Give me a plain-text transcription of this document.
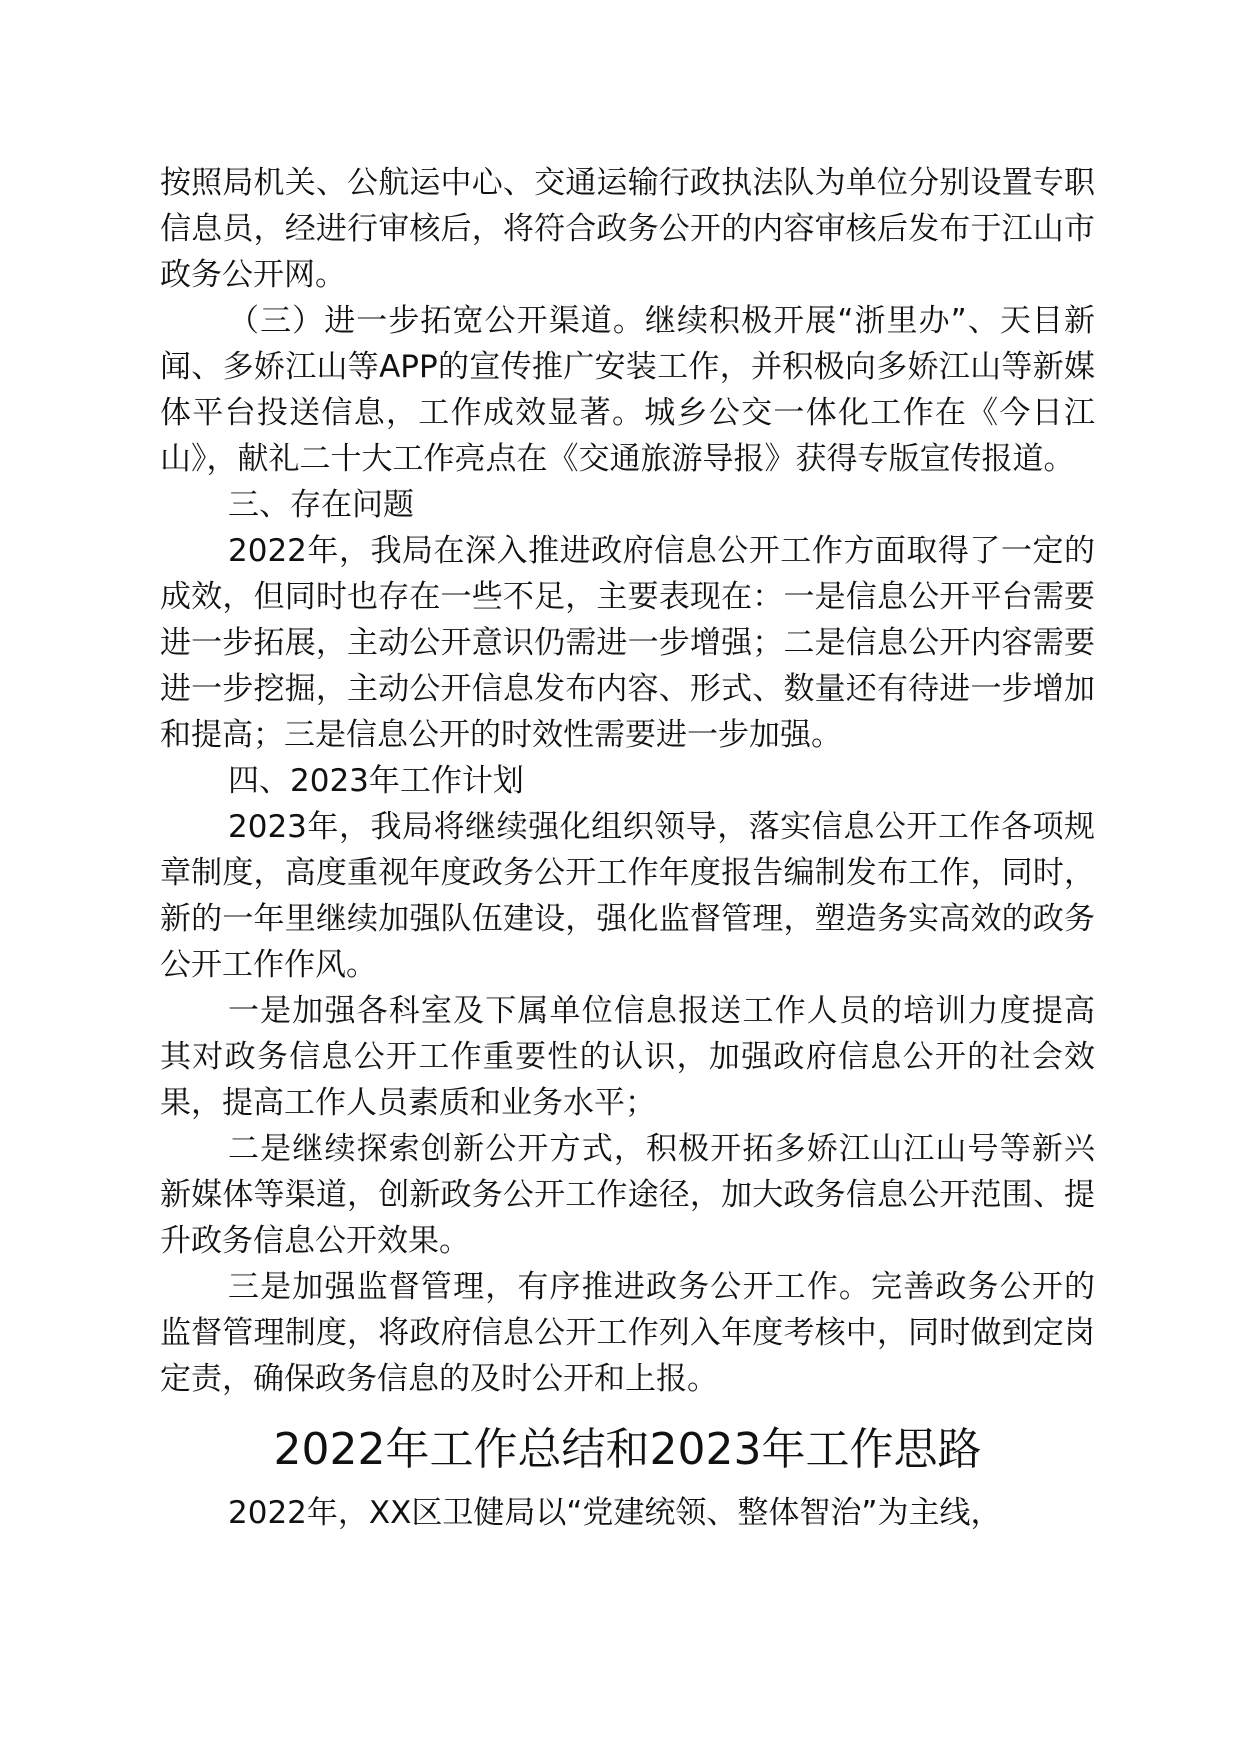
按照局机关、公航运中心、交通运输行政执法队为单位分别设置专职信息员，经进行审核后，将符合政务公开的内容审核后发布于江山市政务公开网。

（三）进一步拓宽公开渠道。继续积极开展“浙里办”、天目新闻、多娇江山等APP的宣传推广安装工作，并积极向多娇江山等新媒体平台投送信息，工作成效显著。城乡公交一体化工作在《今日江山》，献礼二十大工作亮点在《交通旅游导报》获得专版宣传报道。

三、存在问题

2022年，我局在深入推进政府信息公开工作方面取得了一定的成效，但同时也存在一些不足，主要表现在：一是信息公开平台需要进一步拓展，主动公开意识仍需进一步增强；二是信息公开内容需要进一步挖掘，主动公开信息发布内容、形式、数量还有待进一步增加和提高；三是信息公开的时效性需要进一步加强。

四、2023年工作计划

2023年，我局将继续强化组织领导，落实信息公开工作各项规章制度，高度重视年度政务公开工作年度报告编制发布工作，同时，新的一年里继续加强队伍建设，强化监督管理，塑造务实高效的政务公开工作作风。

一是加强各科室及下属单位信息报送工作人员的培训力度提高其对政务信息公开工作重要性的认识，加强政府信息公开的社会效果，提高工作人员素质和业务水平；

二是继续探索创新公开方式，积极开拓多娇江山江山号等新兴新媒体等渠道，创新政务公开工作途径，加大政务信息公开范围、提升政务信息公开效果。

三是加强监督管理，有序推进政务公开工作。完善政务公开的监督管理制度，将政府信息公开工作列入年度考核中，同时做到定岗定责，确保政务信息的及时公开和上报。

2022年工作总结和2023年工作思路

2022年，XX区卫健局以“党建统领、整体智治”为主线，
